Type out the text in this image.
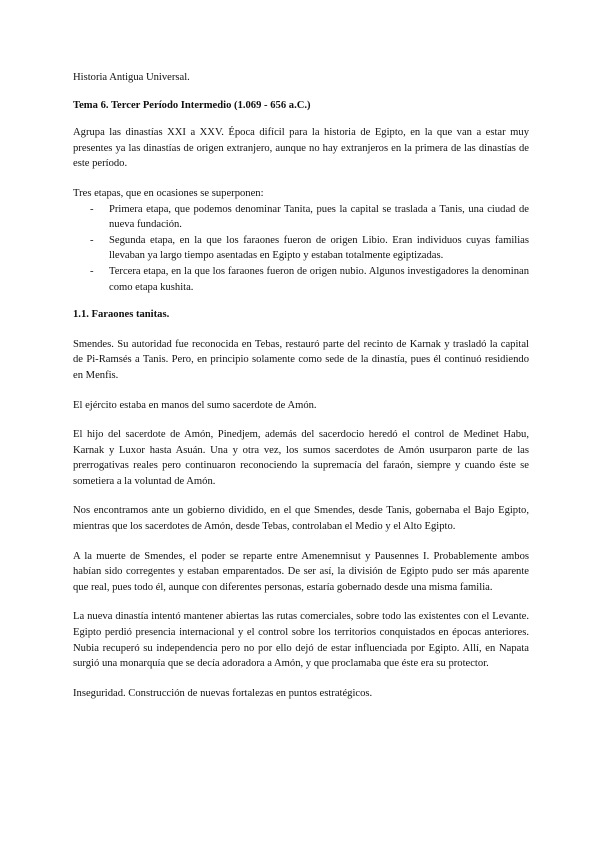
Historia Antigua Universal.

Tema 6. Tercer Período Intermedio (1.069 - 656 a.C.)

Agrupa las dinastías XXI a XXV. Época difícil para la historia de Egipto, en la que van a estar muy presentes ya las dinastías de origen extranjero, aunque no hay extranjeros en la primera de las dinastías de este período.

Tres etapas, que en ocasiones se superponen:

- Primera etapa, que podemos denominar Tanita, pues la capital se traslada a Tanis, una ciudad de nueva fundación.
- Segunda etapa, en la que los faraones fueron de origen Libio. Eran individuos cuyas familias llevaban ya largo tiempo asentadas en Egipto y estaban totalmente egiptizadas.
- Tercera etapa, en la que los faraones fueron de origen nubio. Algunos investigadores la denominan como etapa kushita.

1.1. Faraones tanitas.

Smendes. Su autoridad fue reconocida en Tebas, restauró parte del recinto de Karnak y trasladó la capital de Pi-Ramsés a Tanis. Pero, en principio solamente como sede de la dinastía, pues él continuó residiendo en Menfis.

El ejército estaba en manos del sumo sacerdote de Amón.

El hijo del sacerdote de Amón, Pinedjem, además del sacerdocio heredó el control de Medinet Habu, Karnak y Luxor hasta Asuán. Una y otra vez, los sumos sacerdotes de Amón usurparon parte de las prerrogativas reales pero continuaron reconociendo la supremacía del faraón, siempre y cuando éste se sometiera a la voluntad de Amón.

Nos encontramos ante un gobierno dividido, en el que Smendes, desde Tanis, gobernaba el Bajo Egipto, mientras que los sacerdotes de Amón, desde Tebas, controlaban el Medio y el Alto Egipto.

A la muerte de Smendes, el poder se reparte entre Amenemnisut y Pausennes I. Probablemente ambos habían sido corregentes y estaban emparentados. De ser así, la división de Egipto pudo ser más aparente que real, pues todo él, aunque con diferentes personas, estaría gobernado desde una misma familia.

La nueva dinastía intentó mantener abiertas las rutas comerciales, sobre todo las existentes con el Levante. Egipto perdió presencia internacional y el control sobre los territorios conquistados en épocas anteriores. Nubia recuperó su independencia pero no por ello dejó de estar influenciada por Egipto. Allí, en Napata surgió una monarquía que se decía adoradora a Amón, y que proclamaba que éste era su protector.

Inseguridad. Construcción de nuevas fortalezas en puntos estratégicos.
